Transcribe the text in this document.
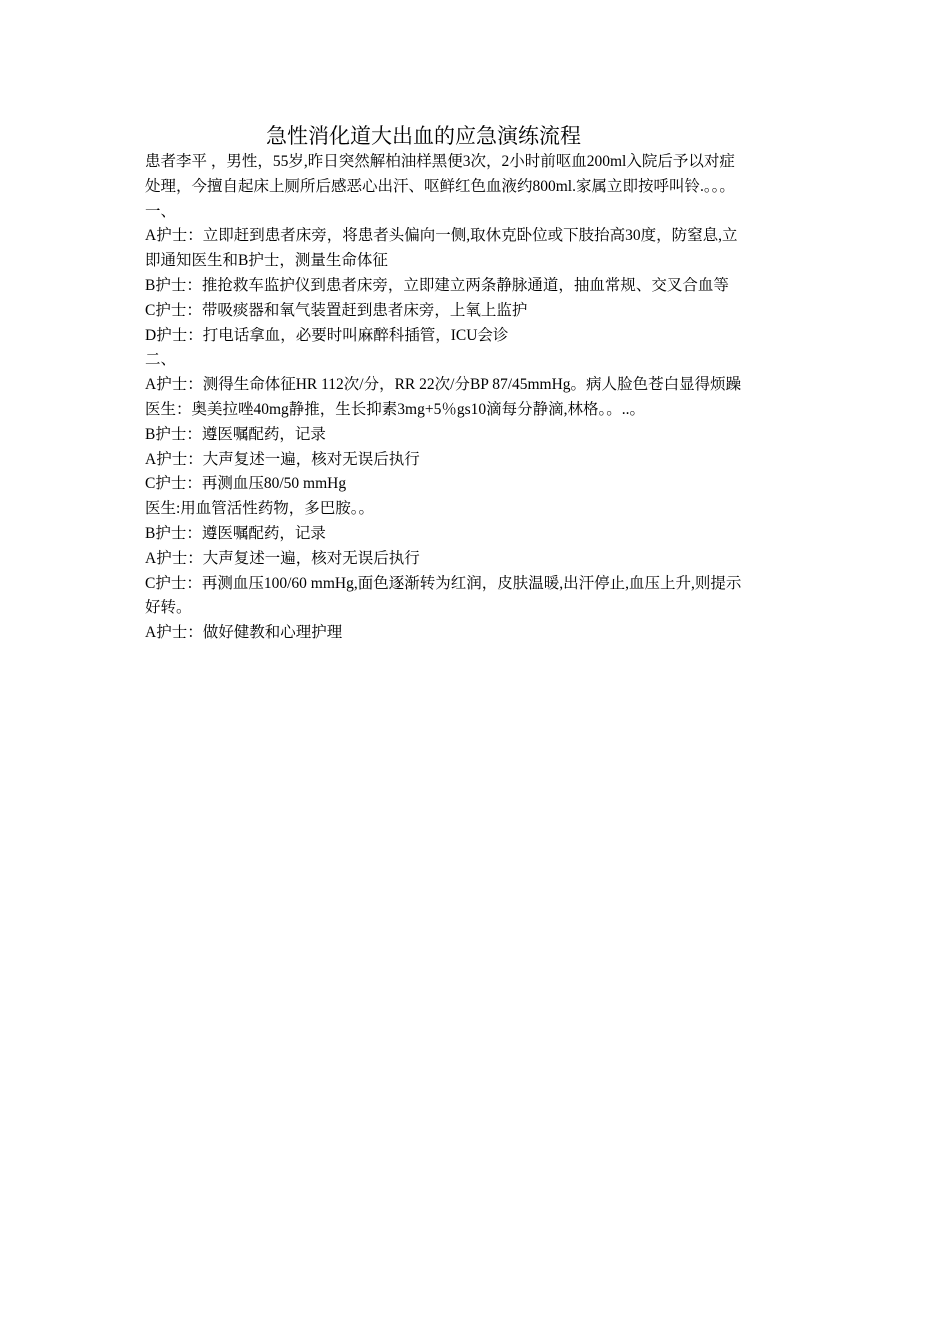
急性消化道大出血的应急演练流程
患者李平 ，男性，55岁,昨日突然解柏油样黑便3次，2小时前呕血200ml入院后予以对症
处理，今擅自起床上厕所后感恶心出汗、呕鲜红色血液约800ml.家属立即按呼叫铃.。。。
一、
A护士：立即赶到患者床旁，将患者头偏向一侧,取休克卧位或下肢抬高30度，防窒息,立
即通知医生和B护士，测量生命体征
B护士：推抢救车监护仪到患者床旁，立即建立两条静脉通道，抽血常规、交叉合血等
C护士：带吸痰器和氧气装置赶到患者床旁，上氧上监护
D护士：打电话拿血，必要时叫麻醉科插管，ICU会诊
二、
A护士：测得生命体征HR 112次/分，RR 22次/分BP 87/45mmHg。病人脸色苍白显得烦躁
医生：奥美拉唑40mg静推，生长抑素3mg+5％gs10滴每分静滴,林格。。..。
B护士：遵医嘱配药，记录
A护士：大声复述一遍，核对无误后执行
C护士：再测血压80/50 mmHg
医生:用血管活性药物，多巴胺。。
B护士：遵医嘱配药，记录
A护士：大声复述一遍，核对无误后执行
C护士：再测血压100/60 mmHg,面色逐渐转为红润，皮肤温暖,出汗停止,血压上升,则提示
好转。
A护士：做好健教和心理护理
